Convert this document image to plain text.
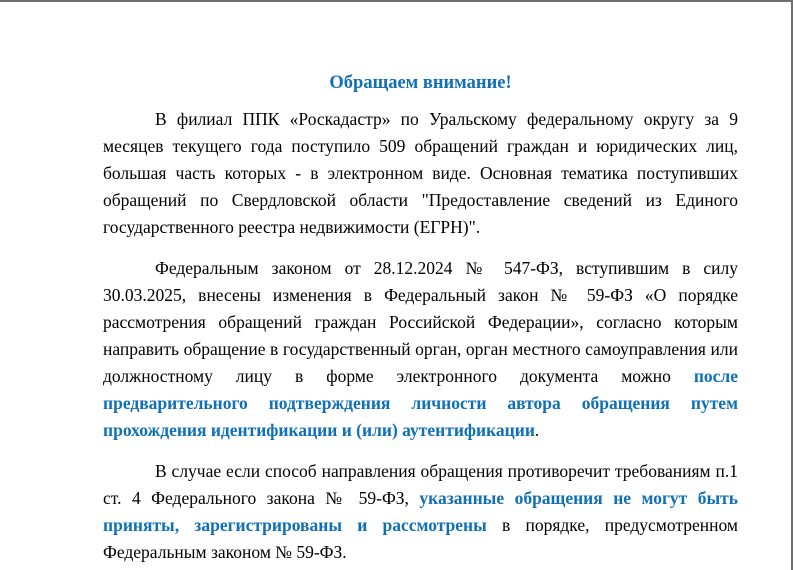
Обращаем внимание!

В филиал ППК «Роскадастр» по Уральскому федеральному округу за 9 месяцев текущего года поступило 509 обращений граждан и юридических лиц, большая часть которых - в электронном виде. Основная тематика поступивших обращений по Свердловской области "Предоставление сведений из Единого государственного реестра недвижимости (ЕГРН)".

Федеральным законом от 28.12.2024 № 547-ФЗ, вступившим в силу 30.03.2025, внесены изменения в Федеральный закон № 59-ФЗ «О порядке рассмотрения обращений граждан Российской Федерации», согласно которым направить обращение в государственный орган, орган местного самоуправления или должностному лицу в форме электронного документа можно после предварительного подтверждения личности автора обращения путем прохождения идентификации и (или) аутентификации.

В случае если способ направления обращения противоречит требованиям п.1 ст. 4 Федерального закона № 59-ФЗ, указанные обращения не могут быть приняты, зарегистрированы и рассмотрены в порядке, предусмотренном Федеральным законом № 59-ФЗ.
